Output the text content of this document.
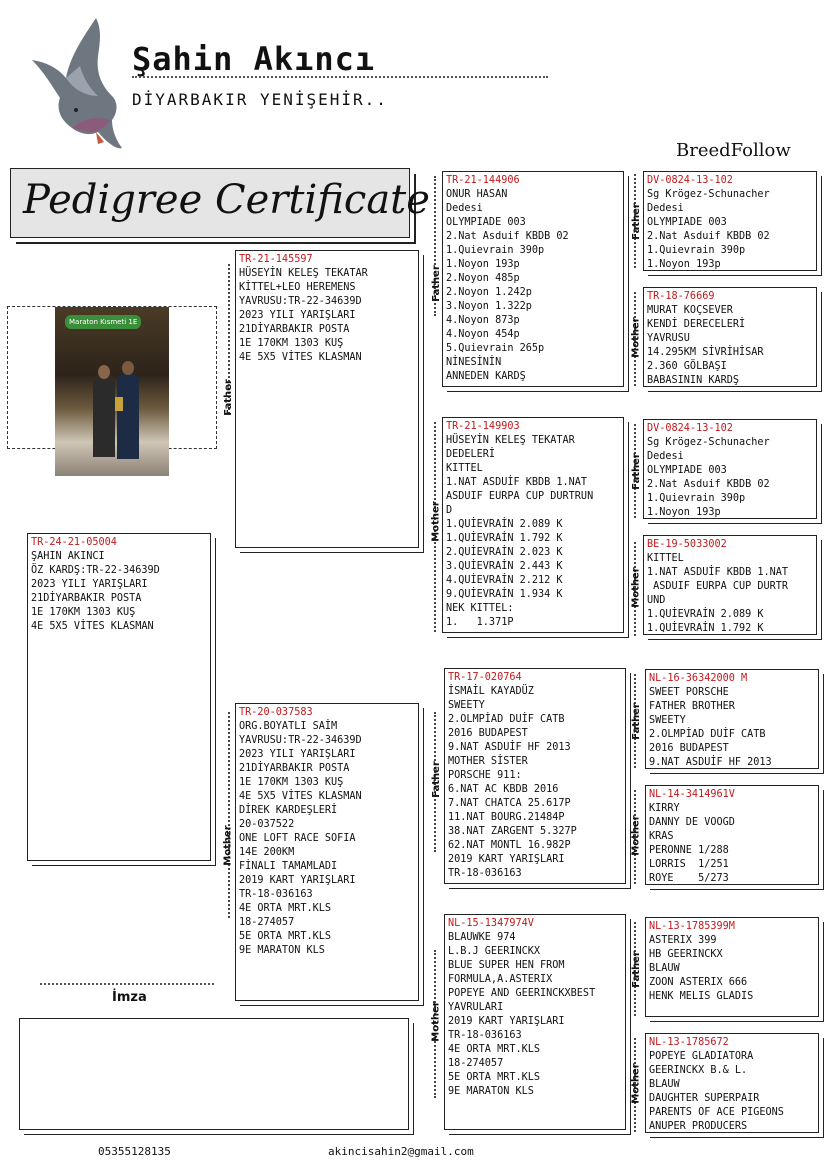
Şahin Akıncı
DİYARBAKIR YENİŞEHİR..
BreedFollow
Pedigree Certificate
Maraton Kısmeti 1E
Father
Mother
Father
Mother
Father
Mother
Father
Mother
Father
Mother
Father
Mother
Father
Mother
TR-24-21-05004
ŞAHIN AKINCI
ÖZ KARDŞ:TR-22-34639D
2023 YILI YARIŞLARI
21DİYARBAKIR POSTA
1E 170KM 1303 KUŞ
4E 5X5 VİTES KLASMAN
TR-21-145597
HÜSEYİN KELEŞ TEKATAR
KİTTEL+LEO HEREMENS
YAVRUSU:TR-22-34639D
2023 YILI YARIŞLARI
21DİYARBAKIR POSTA
1E 170KM 1303 KUŞ
4E 5X5 VİTES KLASMAN
TR-20-037583
ORG.BOYATLI SAİM
YAVRUSU:TR-22-34639D
2023 YILI YARIŞLARI
21DİYARBAKIR POSTA
1E 170KM 1303 KUŞ
4E 5X5 VİTES KLASMAN
DİREK KARDEŞLERİ
20-037522
ONE LOFT RACE SOFIA
14E 200KM
FİNALI TAMAMLADI
2019 KART YARIŞLARI
TR-18-036163
4E ORTA MRT.KLS
18-274057
5E ORTA MRT.KLS
9E MARATON KLS
TR-21-144906
ONUR HASAN
Dedesi
OLYMPIADE 003
2.Nat Asduif KBDB 02
1.Quievrain 390p
1.Noyon 193p
2.Noyon 485p
2.Noyon 1.242p
3.Noyon 1.322p
4.Noyon 873p
4.Noyon 454p
5.Quievrain 265p
NİNESİNİN
ANNEDEN KARDŞ
TR-21-149903
HÜSEYİN KELEŞ TEKATAR
DEDELERİ
KITTEL
1.NAT ASDUİF KBDB 1.NAT
ASDUIF EURPA CUP DURTRUN
D
1.QUİEVRAİN 2.089 K
1.QUİEVRAİN 1.792 K
2.QUİEVRAİN 2.023 K
3.QUİEVRAİN 2.443 K
4.QUİEVRAİN 2.212 K
9.QUİEVRAİN 1.934 K
NEK KITTEL:
1.   1.371P
TR-17-020764
İSMAİL KAYADÜZ
SWEETY
2.OLMPİAD DUİF CATB
2016 BUDAPEST
9.NAT ASDUİF HF 2013
MOTHER SİSTER
PORSCHE 911:
6.NAT AC KBDB 2016
7.NAT CHATCA 25.617P
11.NAT BOURG.21484P
38.NAT ZARGENT 5.327P
62.NAT MONTL 16.982P
2019 KART YARIŞLARI
TR-18-036163
NL-15-1347974V
BLAUWKE 974
L.B.J GEERINCKX
BLUE SUPER HEN FROM
FORMULA,A.ASTERIX
POPEYE AND GEERINCKXBEST
YAVRULARI
2019 KART YARIŞLARI
TR-18-036163
4E ORTA MRT.KLS
18-274057
5E ORTA MRT.KLS
9E MARATON KLS
DV-0824-13-102
Sg Krögez-Schunacher
Dedesi
OLYMPIADE 003
2.Nat Asduif KBDB 02
1.Quievrain 390p
1.Noyon 193p
TR-18-76669
MURAT KOÇSEVER
KENDİ DERECELERİ
YAVRUSU
14.295KM SİVRİHİSAR
2.360 GÖLBAŞI
BABASININ KARDŞ
DV-0824-13-102
Sg Krögez-Schunacher
Dedesi
OLYMPIADE 003
2.Nat Asduif KBDB 02
1.Quievrain 390p
1.Noyon 193p
BE-19-5033002
KITTEL
1.NAT ASDUİF KBDB 1.NAT
ASDUIF EURPA CUP DURTR
UND
1.QUİEVRAİN 2.089 K
1.QUİEVRAİN 1.792 K
NL-16-36342000 M
SWEET PORSCHE
FATHER BROTHER
SWEETY
2.OLMPİAD DUİF CATB
2016 BUDAPEST
9.NAT ASDUİF HF 2013
NL-14-3414961V
KIRRY
DANNY DE VOOGD
KRAS
PERONNE 1/288
LORRIS  1/251
ROYE    5/273
NL-13-1785399M
ASTERIX 399
HB GEERINCKX
BLAUW
ZOON ASTERIX 666
HENK MELIS GLADIS
NL-13-1785672
POPEYE GLADIATORA
GEERINCKX B.& L.
BLAUW
DAUGHTER SUPERPAIR
PARENTS OF ACE PIGEONS
ANUPER PRODUCERS
İmza
05355128135	akincisahin2@gmail.com
